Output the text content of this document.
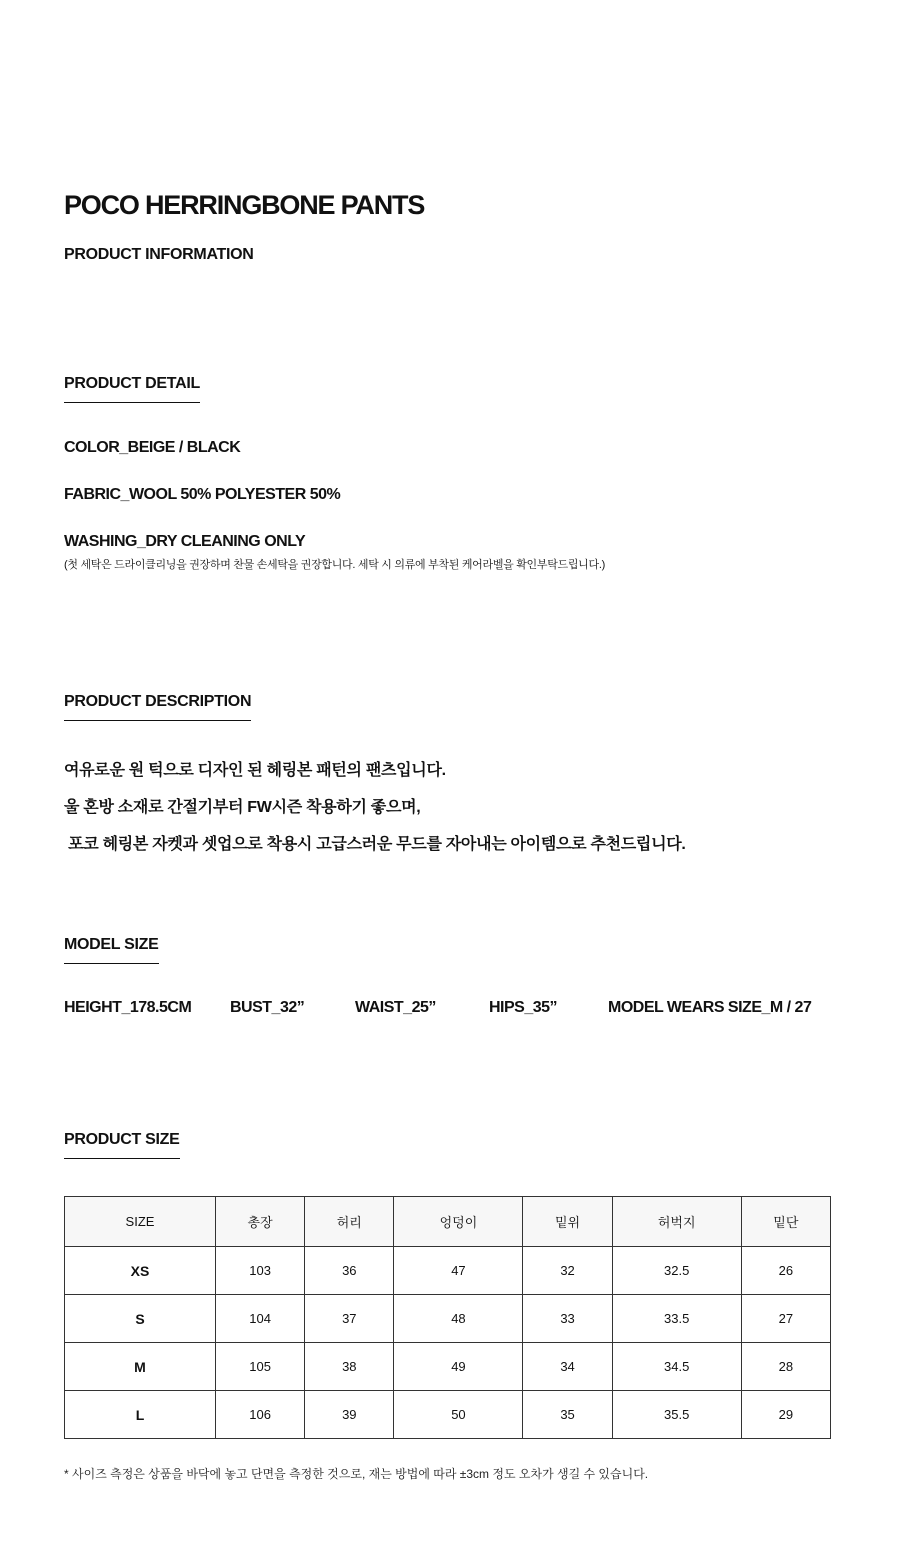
POCO HERRINGBONE PANTS
PRODUCT INFORMATION
PRODUCT DETAIL
COLOR_BEIGE / BLACK
FABRIC_WOOL 50% POLYESTER 50%
WASHING_DRY CLEANING ONLY
(첫 세탁은 드라이클리닝을 권장하며 찬물 손세탁을 권장합니다. 세탁 시 의류에 부착된 케어라벨을 확인부탁드립니다.)
PRODUCT DESCRIPTION
여유로운 원 턱으로 디자인 된 헤링본 패턴의 팬츠입니다.
울 혼방 소재로 간절기부터 FW시즌 착용하기 좋으며,
포코 헤링본 자켓과 셋업으로 착용시 고급스러운 무드를 자아내는 아이템으로 추천드립니다.
MODEL SIZE
HEIGHT_178.5CM BUST_32”	WAIST_25”	HIPS_35”	MODEL WEARS SIZE_M / 27
PRODUCT SIZE
SIZE	총장	허리	엉덩이	밑위	허벅지	밑단
XS	103	36	47	32	32.5	26
S	104	37	48	33	33.5	27
M	105	38	49	34	34.5	28
L	106	39	50	35	35.5	29
* 사이즈 측정은 상품을 바닥에 놓고 단면을 측정한 것으로, 재는 방법에 따라 ±3cm 정도 오차가 생길 수 있습니다.
